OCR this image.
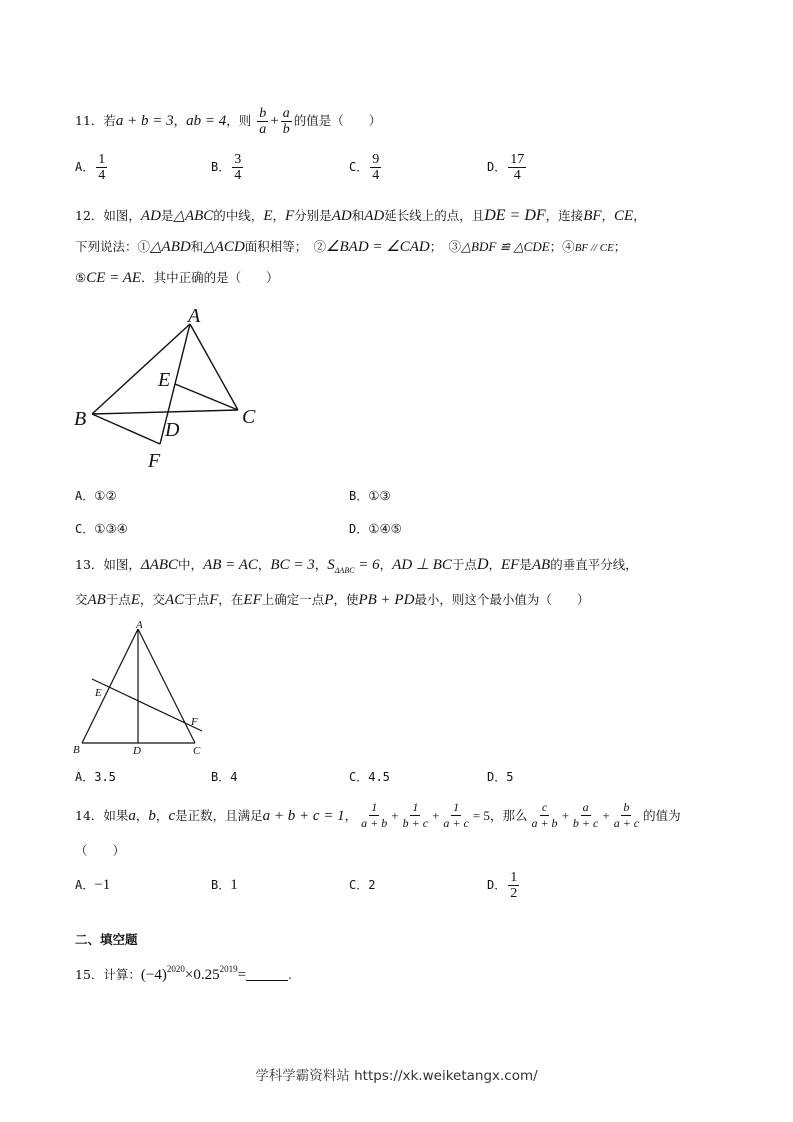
11．若a + b = 3，ab = 4，则 $\frac{b}{a} + \frac{a}{b}$ 的值是（　　）
A． $\frac{1}{4}$	B． $\frac{3}{4}$	C． $\frac{9}{4}$	D． $\frac{17}{4}$
12．如图，AD是△ABC的中线，E，F分别是AD和AD延长线上的点，且DE = DF，连接BF，CE，
下列说法：①△ABD和△ACD面积相等；　②∠BAD = ∠CAD；　③△BDF ≌ △CDE；④BF // CE；
⑤CE = AE．其中正确的是（　　）
A
B	C
D
E
F
A．①②	B．①③
C．①③④	D．①④⑤
13．如图，ΔABC中，AB = AC，BC = 3，$S_{\Delta ABC} = 6$，AD ⊥ BC于点D，EF是AB的垂直平分线，
交AB于点E，交AC于点F，在EF上确定一点P，使PB + PD最小，则这个最小值为（　　）
A
B	C
D
E
F
A．3.5	B．4	C．4.5	D．5
14．如果 a ， b ， c 是正数，且满足 a + b + c = 1 ， $\frac{1}{a + b} + \frac{1}{b + c} + \frac{1}{a + c} = 5$ ，那么 $\frac{c}{a + b} + \frac{a}{b + c} + \frac{b}{a + c}$ 的值为
（　　）
A．−1	B．1	C．2	D． $\frac{1}{2}$
二、填空题
15．计算：$(-4)^{2020}\times 0.25^{2019}=$	.
学科学霸资料站 https://xk.weiketangx.com/
